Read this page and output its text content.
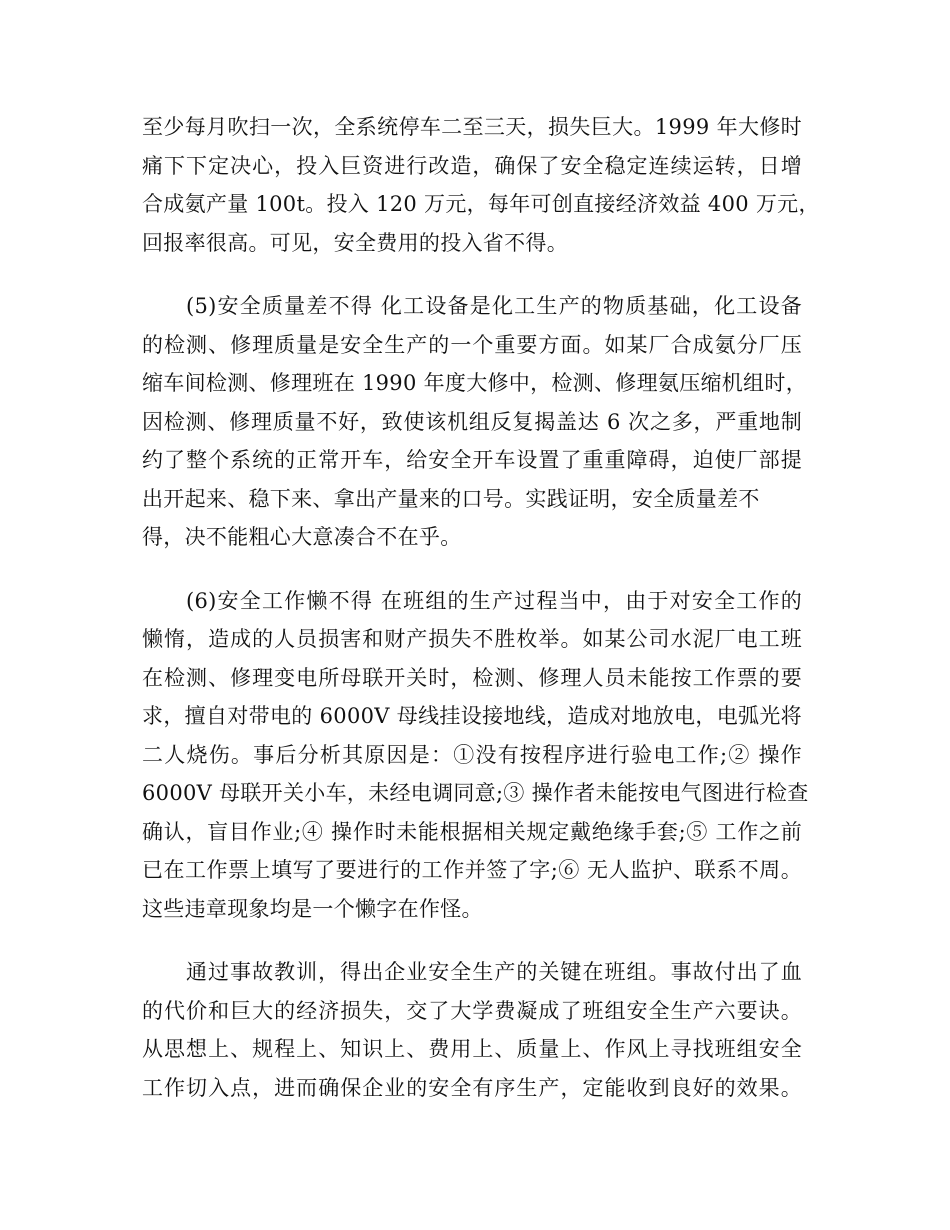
至少每月吹扫一次，全系统停车二至三天，损失巨大。1999 年大修时
痛下下定决心，投入巨资进行改造，确保了安全稳定连续运转，日增
合成氨产量 100t。投入 120 万元，每年可创直接经济效益 400 万元，
回报率很高。可见，安全费用的投入省不得。
(5)安全质量差不得 化工设备是化工生产的物质基础，化工设备
的检测、修理质量是安全生产的一个重要方面。如某厂合成氨分厂压
缩车间检测、修理班在 1990 年度大修中，检测、修理氨压缩机组时，
因检测、修理质量不好，致使该机组反复揭盖达 6 次之多，严重地制
约了整个系统的正常开车，给安全开车设置了重重障碍，迫使厂部提
出开起来、稳下来、拿出产量来的口号。实践证明，安全质量差不
得，决不能粗心大意凑合不在乎。
(6)安全工作懒不得 在班组的生产过程当中，由于对安全工作的
懒惰，造成的人员损害和财产损失不胜枚举。如某公司水泥厂电工班
在检测、修理变电所母联开关时，检测、修理人员未能按工作票的要
求，擅自对带电的 6000V 母线挂设接地线，造成对地放电，电弧光将
二人烧伤。事后分析其原因是：①没有按程序进行验电工作;② 操作
6000V 母联开关小车，未经电调同意;③ 操作者未能按电气图进行检查
确认，盲目作业;④ 操作时未能根据相关规定戴绝缘手套;⑤ 工作之前
已在工作票上填写了要进行的工作并签了字;⑥ 无人监护、联系不周。
这些违章现象均是一个懒字在作怪。
通过事故教训，得出企业安全生产的关键在班组。事故付出了血
的代价和巨大的经济损失，交了大学费凝成了班组安全生产六要诀。
从思想上、规程上、知识上、费用上、质量上、作风上寻找班组安全
工作切入点，进而确保企业的安全有序生产，定能收到良好的效果。
